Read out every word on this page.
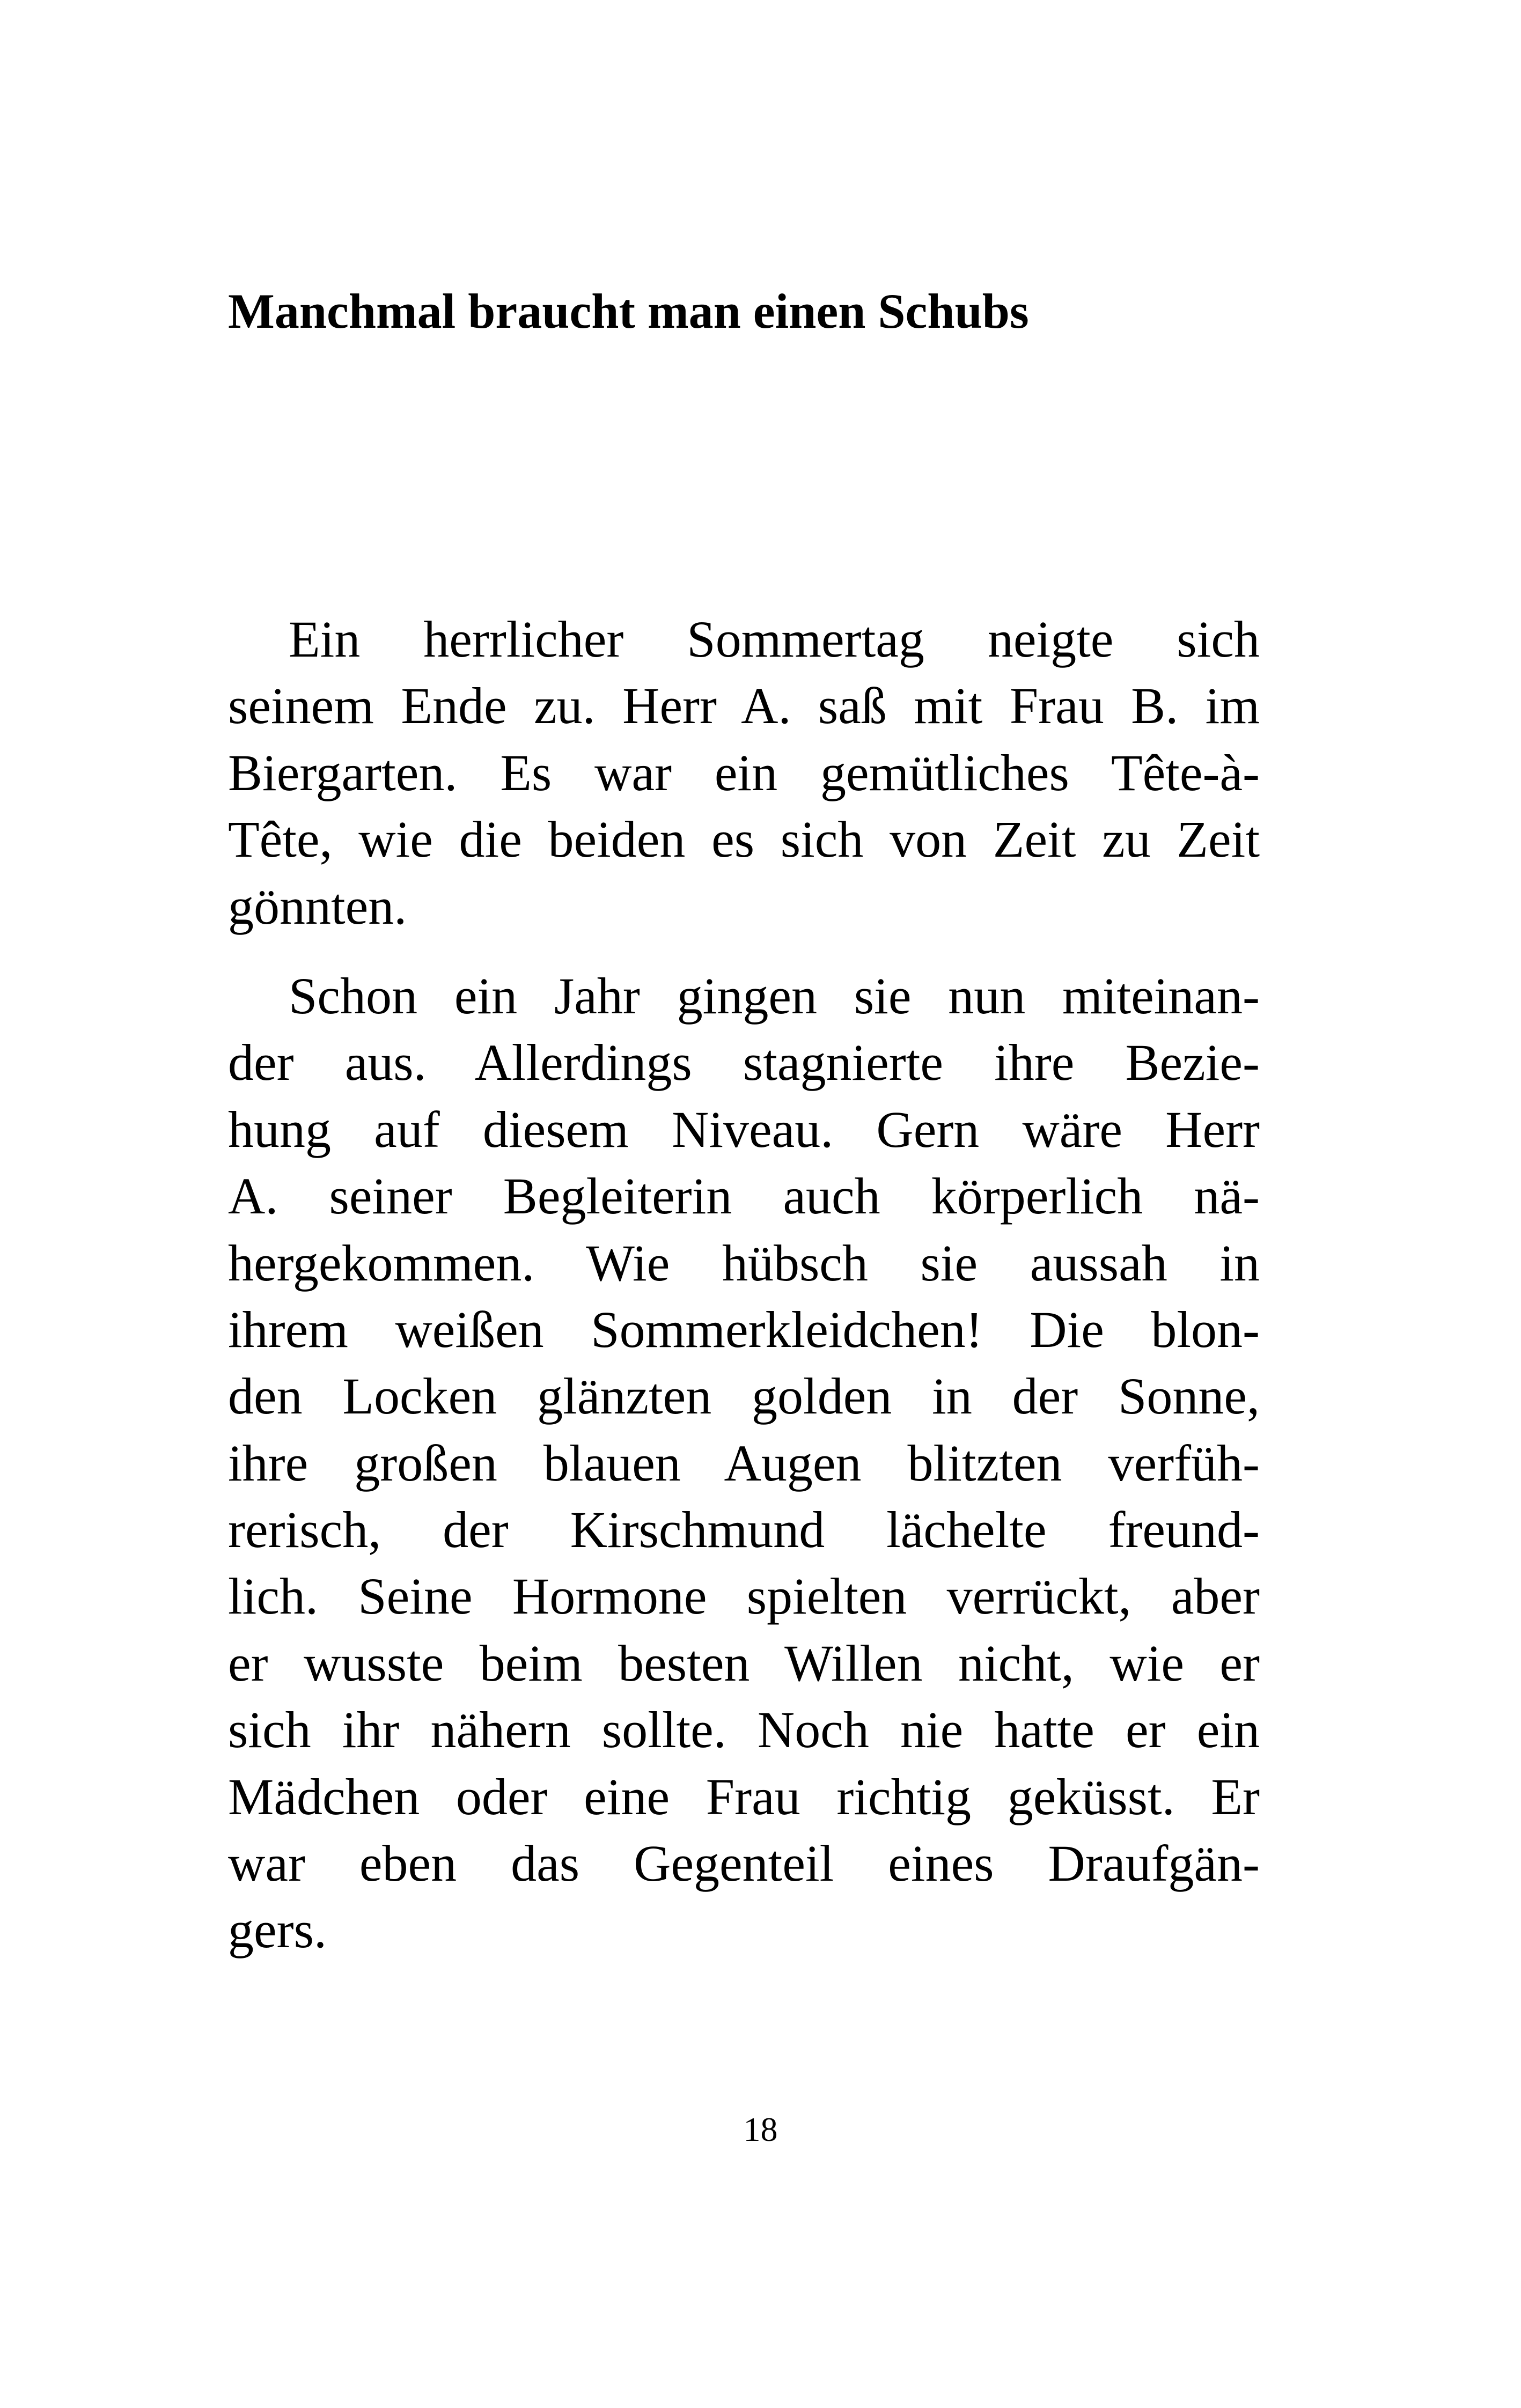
Manchmal braucht man einen Schubs
Ein herrlicher Sommertag neigte sich
seinem Ende zu. Herr A. saß mit Frau B. im
Biergarten. Es war ein gemütliches Tête-à-
Tête, wie die beiden es sich von Zeit zu Zeit
gönnten.
Schon ein Jahr gingen sie nun miteinan-
der aus. Allerdings stagnierte ihre Bezie-
hung auf diesem Niveau. Gern wäre Herr
A. seiner Begleiterin auch körperlich nä-
hergekommen. Wie hübsch sie aussah in
ihrem weißen Sommerkleidchen! Die blon-
den Locken glänzten golden in der Sonne,
ihre großen blauen Augen blitzten verfüh-
rerisch, der Kirschmund lächelte freund-
lich. Seine Hormone spielten verrückt, aber
er wusste beim besten Willen nicht, wie er
sich ihr nähern sollte. Noch nie hatte er ein
Mädchen oder eine Frau richtig geküsst. Er
war eben das Gegenteil eines Draufgän-
gers.
18
